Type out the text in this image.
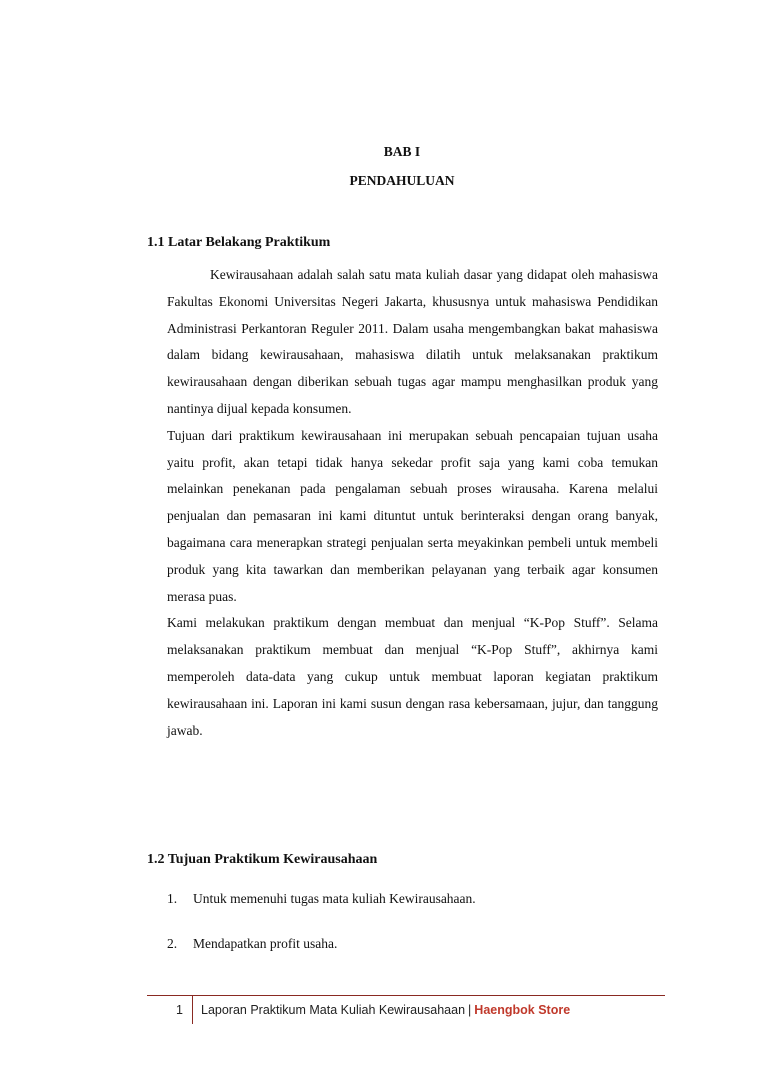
BAB I
PENDAHULUAN
1.1 Latar Belakang Praktikum

Kewirausahaan adalah salah satu mata kuliah dasar yang didapat oleh mahasiswa Fakultas Ekonomi Universitas Negeri Jakarta, khususnya untuk mahasiswa Pendidikan Administrasi Perkantoran Reguler 2011. Dalam usaha mengembangkan bakat mahasiswa dalam bidang kewirausahaan, mahasiswa dilatih untuk melaksanakan praktikum kewirausahaan dengan diberikan sebuah tugas agar mampu menghasilkan produk yang nantinya dijual kepada konsumen.

Tujuan dari praktikum kewirausahaan ini merupakan sebuah pencapaian tujuan usaha yaitu profit, akan tetapi tidak hanya sekedar profit saja yang kami coba temukan melainkan penekanan pada pengalaman sebuah proses wirausaha. Karena melalui penjualan dan pemasaran ini kami dituntut untuk berinteraksi dengan orang banyak, bagaimana cara menerapkan strategi penjualan serta meyakinkan pembeli untuk membeli produk yang kita tawarkan dan memberikan pelayanan yang terbaik agar konsumen merasa puas.

Kami melakukan praktikum dengan membuat dan menjual “K-Pop Stuff”. Selama melaksanakan praktikum membuat dan menjual “K-Pop Stuff”, akhirnya kami memperoleh data-data yang cukup untuk membuat laporan kegiatan praktikum kewirausahaan ini. Laporan ini kami susun dengan rasa kebersamaan, jujur, dan tanggung jawab.

1.2 Tujuan Praktikum Kewirausahaan
1. Untuk memenuhi tugas mata kuliah Kewirausahaan.
2. Mendapatkan profit usaha.
1	Laporan Praktikum Mata Kuliah Kewirausahaan | Haengbok Store
